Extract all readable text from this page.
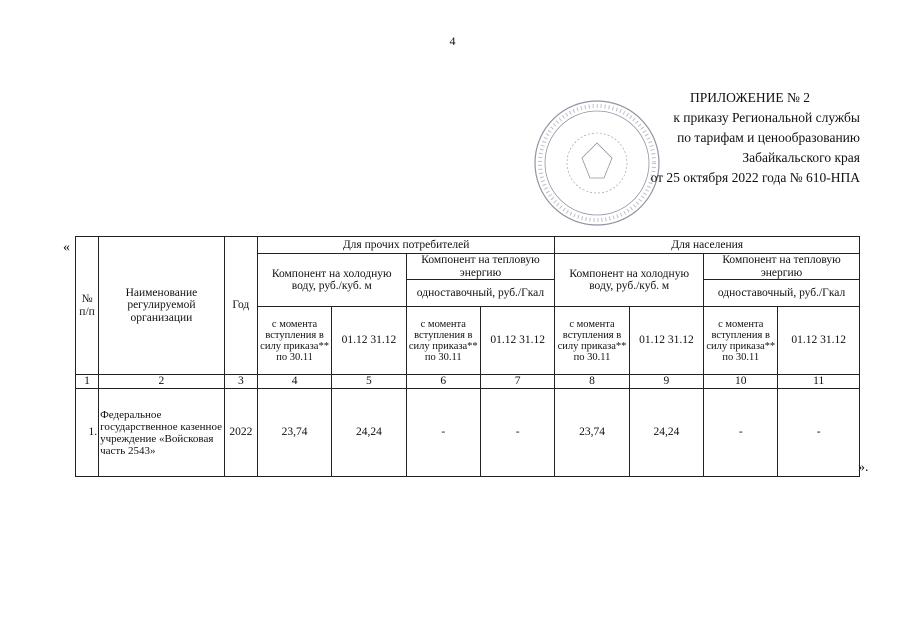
4
ПРИЛОЖЕНИЕ № 2
к приказу Региональной службы
по тарифам и ценообразованию
Забайкальского края
от 25 октября 2022 года № 610-НПА
«
».
№ п/п	Наименование регулируемой организации	Год	Для прочих потребителей				Для населения			
			Компонент на холодную воду, руб./куб. м		Компонент на тепловую энергию		Компонент на холодную воду, руб./куб. м		Компонент на тепловую энергию	
					одноставочный, руб./Гкал				одноставочный, руб./Гкал	
			с момента вступления в силу приказа** по 30.11	01.12 31.12	с момента вступления в силу приказа** по 30.11	01.12 31.12	с момента вступления в силу приказа** по 30.11	01.12 31.12	с момента вступления в силу приказа** по 30.11	01.12 31.12
1	2	3	4	5	6	7	8	9	10	11
1.	Федеральное государственное казенное учреждение «Войсковая часть 2543»	2022	23,74	24,24	-	-	23,74	24,24	-	-
